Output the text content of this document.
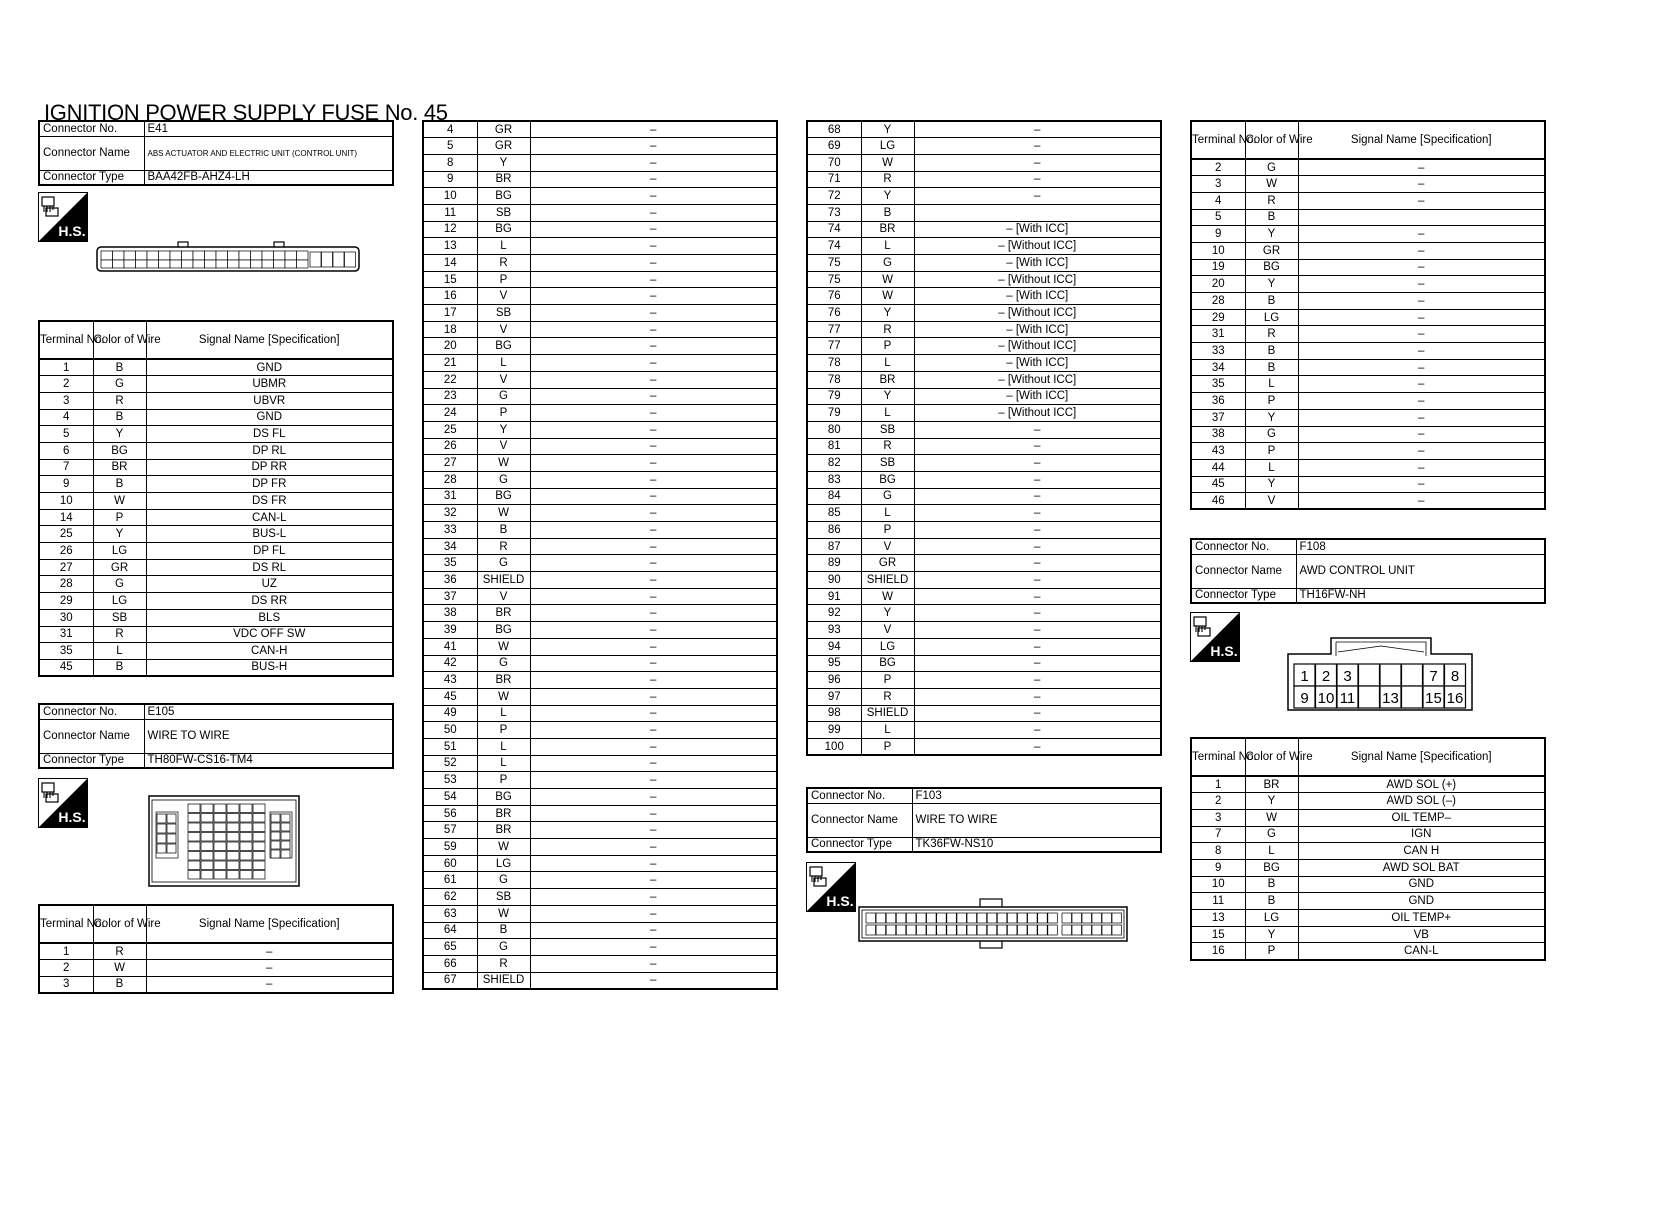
IGNITION POWER SUPPLY FUSE No. 45
Connector No.	E41
Connector Name	ABS ACTUATOR AND ELECTRIC UNIT (CONTROL UNIT)
Connector Type	BAA42FB-AHZ4-LH
H.S.
Terminal No.	Color of Wire	Signal Name [Specification]
1	B	GND
2	G	UBMR
3	R	UBVR
4	B	GND
5	Y	DS FL
6	BG	DP RL
7	BR	DP RR
9	B	DP FR
10	W	DS FR
14	P	CAN-L
25	Y	BUS-L
26	LG	DP FL
27	GR	DS RL
28	G	UZ
29	LG	DS RR
30	SB	BLS
31	R	VDC OFF SW
35	L	CAN-H
45	B	BUS-H
Connector No.	E105
Connector Name	WIRE TO WIRE
Connector Type	TH80FW-CS16-TM4
H.S.
Terminal No.	Color of Wire	Signal Name [Specification]
1	R	–
2	W	–
3	B	–
4	GR	–
5	GR	–
8	Y	–
9	BR	–
10	BG	–
11	SB	–
12	BG	–
13	L	–
14	R	–
15	P	–
16	V	–
17	SB	–
18	V	–
20	BG	–
21	L	–
22	V	–
23	G	–
24	P	–
25	Y	–
26	V	–
27	W	–
28	G	–
31	BG	–
32	W	–
33	B	–
34	R	–
35	G	–
36	SHIELD	–
37	V	–
38	BR	–
39	BG	–
41	W	–
42	G	–
43	BR	–
45	W	–
49	L	–
50	P	–
51	L	–
52	L	–
53	P	–
54	BG	–
56	BR	–
57	BR	–
59	W	–
60	LG	–
61	G	–
62	SB	–
63	W	–
64	B	–
65	G	–
66	R	–
67	SHIELD	–
68	Y	–
69	LG	–
70	W	–
71	R	–
72	Y	–
73	B	
74	BR	– [With ICC]
74	L	– [Without ICC]
75	G	– [With ICC]
75	W	– [Without ICC]
76	W	– [With ICC]
76	Y	– [Without ICC]
77	R	– [With ICC]
77	P	– [Without ICC]
78	L	– [With ICC]
78	BR	– [Without ICC]
79	Y	– [With ICC]
79	L	– [Without ICC]
80	SB	–
81	R	–
82	SB	–
83	BG	–
84	G	–
85	L	–
86	P	–
87	V	–
89	GR	–
90	SHIELD	–
91	W	–
92	Y	–
93	V	–
94	LG	–
95	BG	–
96	P	–
97	R	–
98	SHIELD	–
99	L	–
100	P	–
Connector No.	F103
Connector Name	WIRE TO WIRE
Connector Type	TK36FW-NS10
H.S.
Terminal No.	Color of Wire	Signal Name [Specification]
2	G	–
3	W	–
4	R	–
5	B	
9	Y	–
10	GR	–
19	BG	–
20	Y	–
28	B	–
29	LG	–
31	R	–
33	B	–
34	B	–
35	L	–
36	P	–
37	Y	–
38	G	–
43	P	–
44	L	–
45	Y	–
46	V	–
Connector No.	F108
Connector Name	AWD CONTROL UNIT
Connector Type	TH16FW-NH
H.S.
1 2 3	7 8
9 10 11 13 15 16
Terminal No.	Color of Wire	Signal Name [Specification]
1	BR	AWD SOL (+)
2	Y	AWD SOL (–)
3	W	OIL TEMP–
7	G	IGN
8	L	CAN H
9	BG	AWD SOL BAT
10	B	GND
11	B	GND
13	LG	OIL TEMP+
15	Y	VB
16	P	CAN-L
